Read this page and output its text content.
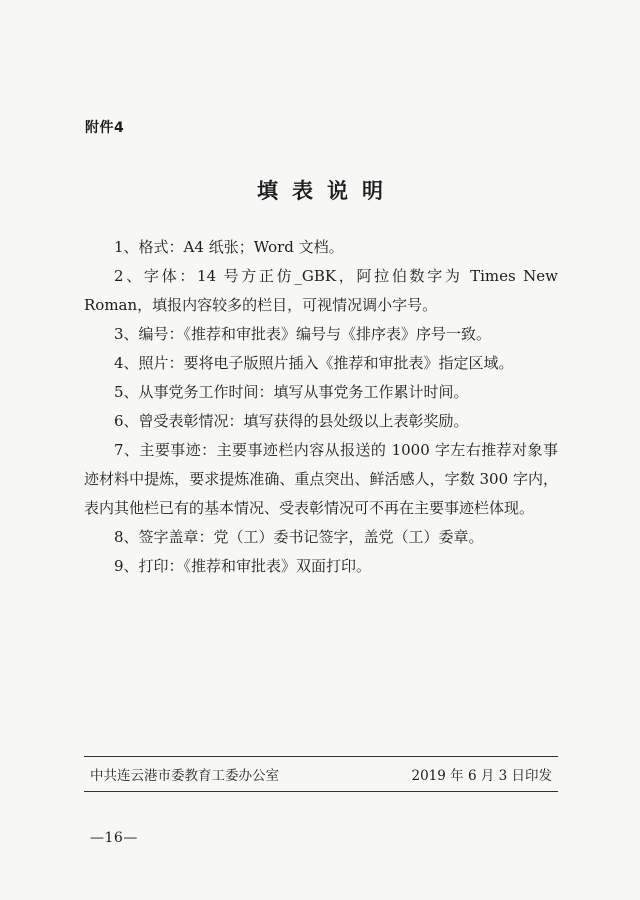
附件4
填表说明

1、格式：A4 纸张；Word 文档。

2、字体：14 号方正仿_GBK，阿拉伯数字为 Times New Roman，填报内容较多的栏目，可视情况调小字号。

3、编号：《推荐和审批表》编号与《排序表》序号一致。

4、照片：要将电子版照片插入《推荐和审批表》指定区域。

5、从事党务工作时间：填写从事党务工作累计时间。

6、曾受表彰情况：填写获得的县处级以上表彰奖励。

7、主要事迹：主要事迹栏内容从报送的 1000 字左右推荐对象事迹材料中提炼，要求提炼准确、重点突出、鲜活感人，字数 300 字内，表内其他栏已有的基本情况、受表彰情况可不再在主要事迹栏体现。

8、签字盖章：党（工）委书记签字，盖党（工）委章。

9、打印：《推荐和审批表》双面打印。

中共连云港市委教育工委办公室	2019 年 6 月 3 日印发
—16—
